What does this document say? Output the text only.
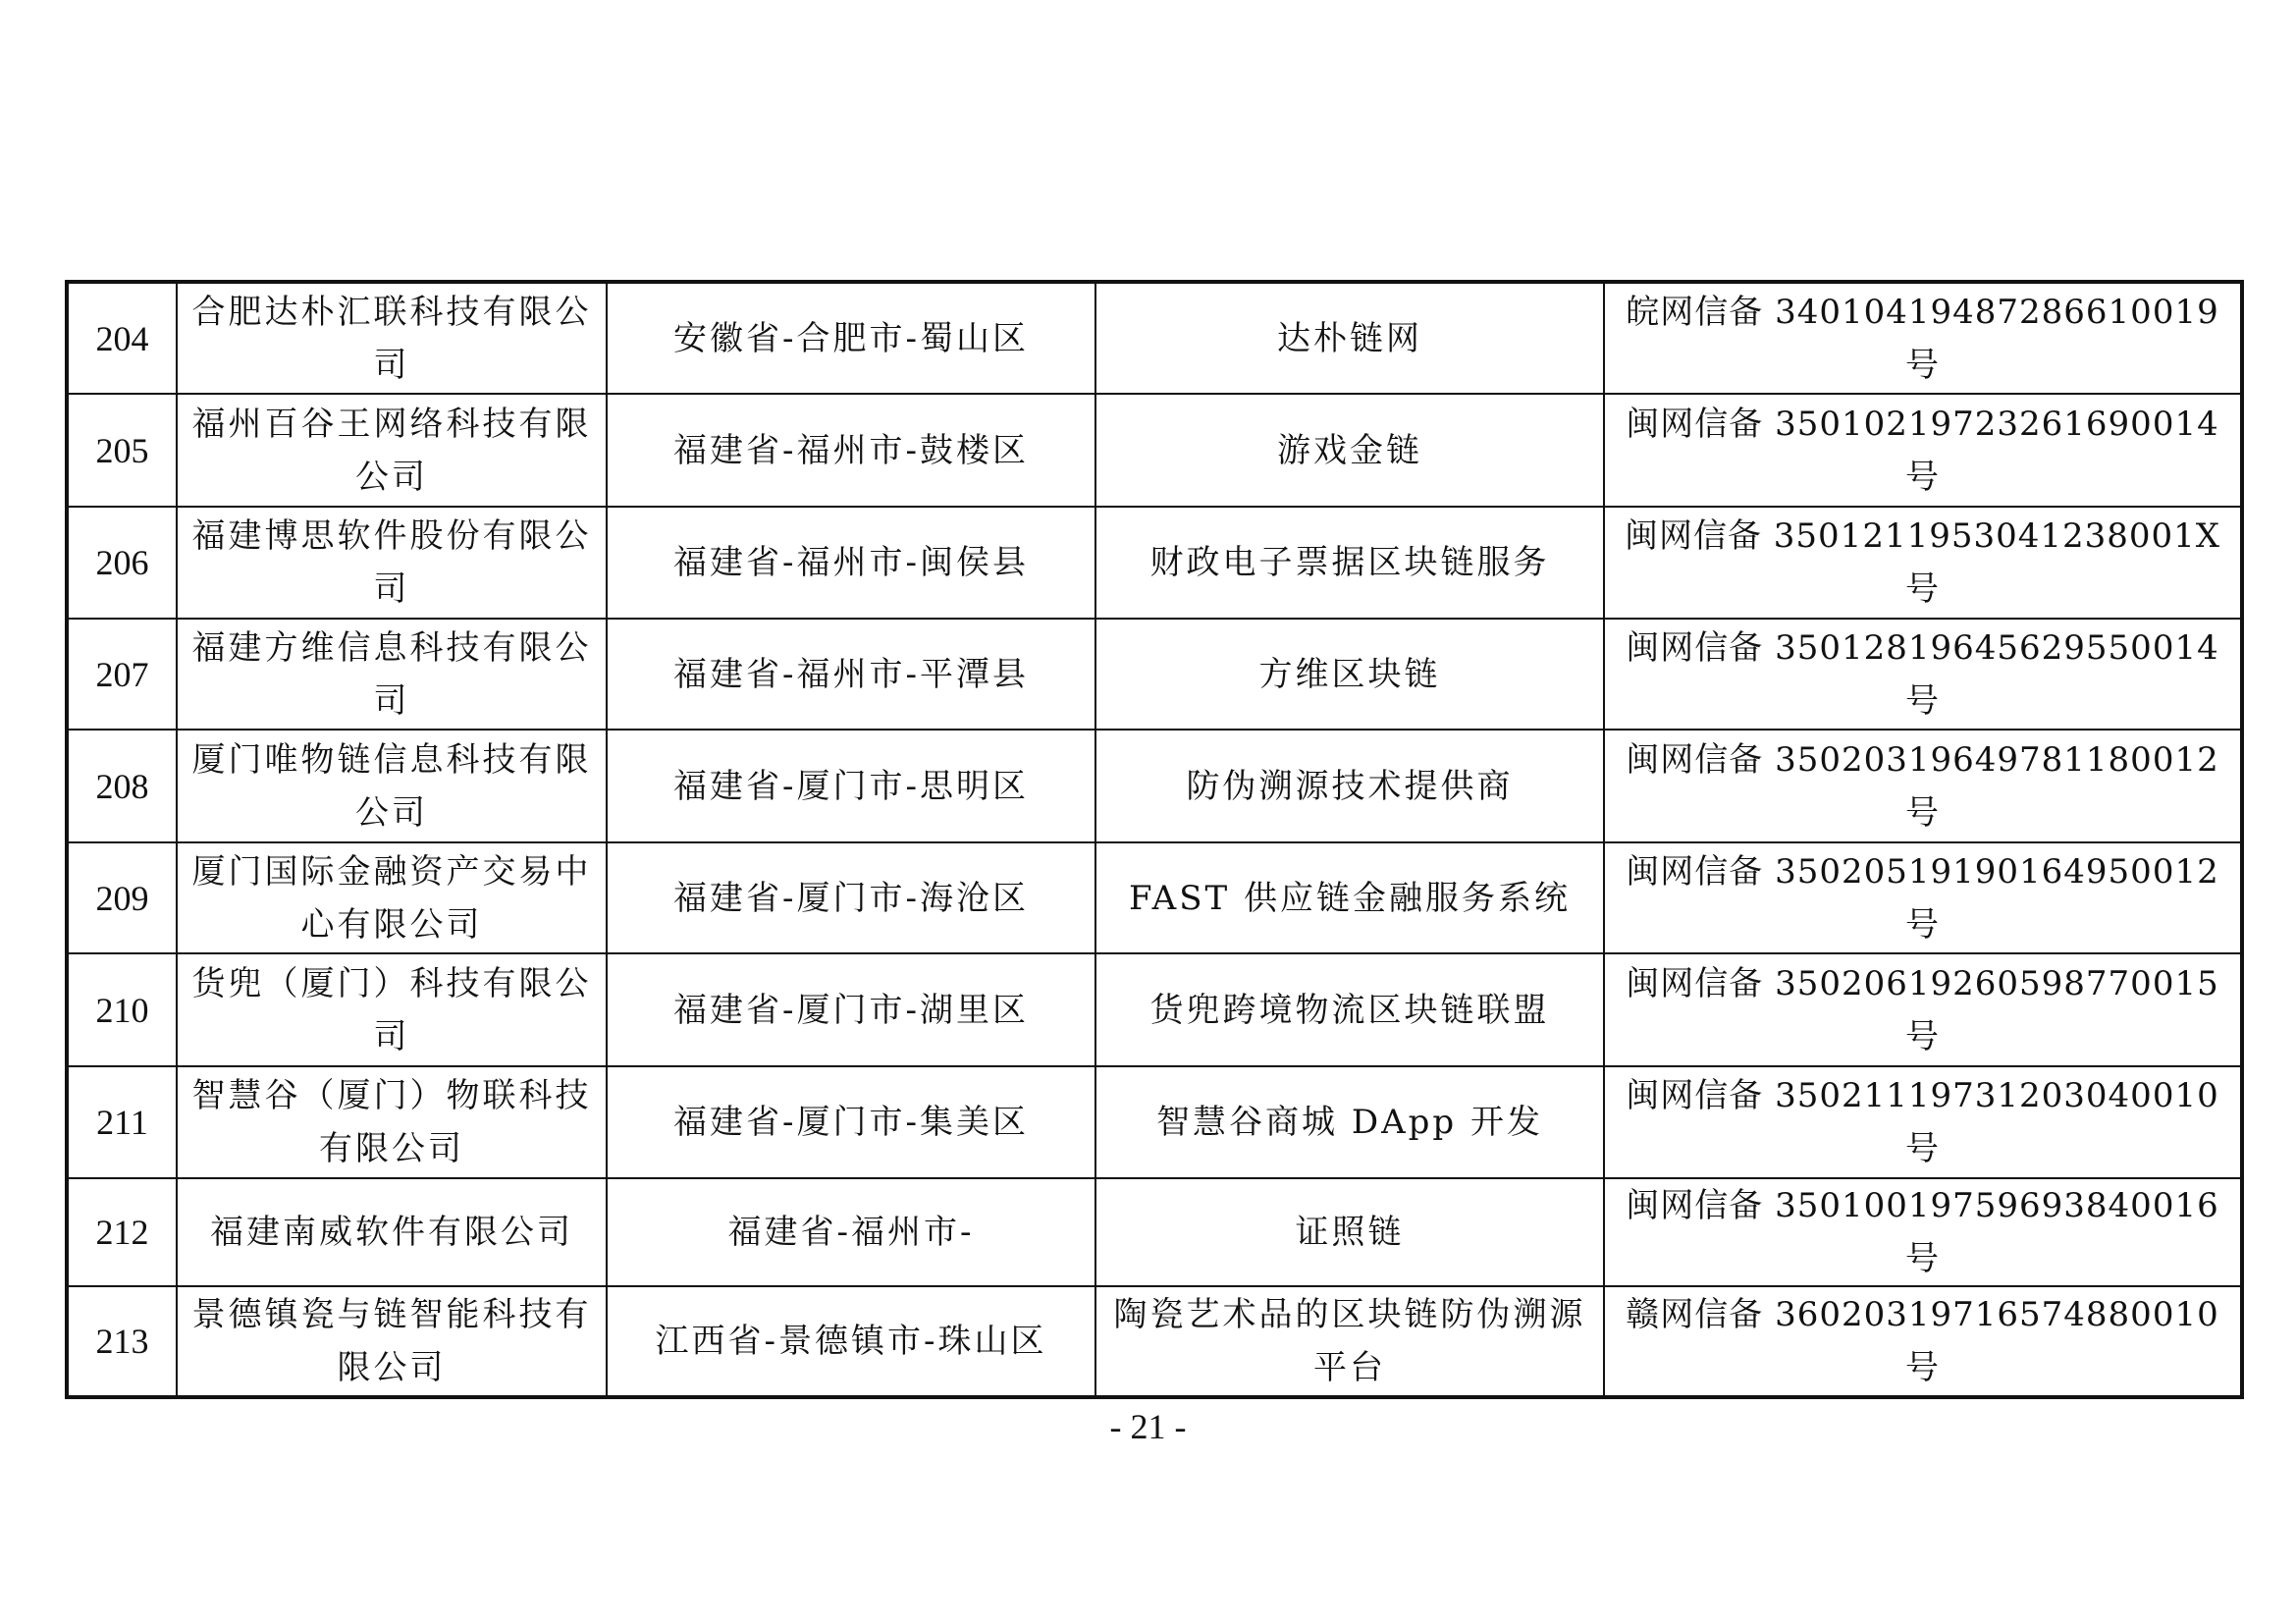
204	合肥达朴汇联科技有限公司	安徽省-合肥市-蜀山区	达朴链网	皖网信备 34010419487286610019 号
205	福州百谷王网络科技有限公司	福建省-福州市-鼓楼区	游戏金链	闽网信备 35010219723261690014 号
206	福建博思软件股份有限公司	福建省-福州市-闽侯县	财政电子票据区块链服务	闽网信备 3501211953041238001X 号
207	福建方维信息科技有限公司	福建省-福州市-平潭县	方维区块链	闽网信备 35012819645629550014 号
208	厦门唯物链信息科技有限公司	福建省-厦门市-思明区	防伪溯源技术提供商	闽网信备 35020319649781180012 号
209	厦门国际金融资产交易中心有限公司	福建省-厦门市-海沧区	FAST 供应链金融服务系统	闽网信备 35020519190164950012 号
210	货兜（厦门）科技有限公司	福建省-厦门市-湖里区	货兜跨境物流区块链联盟	闽网信备 35020619260598770015 号
211	智慧谷（厦门）物联科技有限公司	福建省-厦门市-集美区	智慧谷商城 DApp 开发	闽网信备 35021119731203040010 号
212	福建南威软件有限公司	福建省-福州市-	证照链	闽网信备 35010019759693840016 号
213	景德镇瓷与链智能科技有限公司	江西省-景德镇市-珠山区	陶瓷艺术品的区块链防伪溯源平台	赣网信备 36020319716574880010 号
- 21 -
